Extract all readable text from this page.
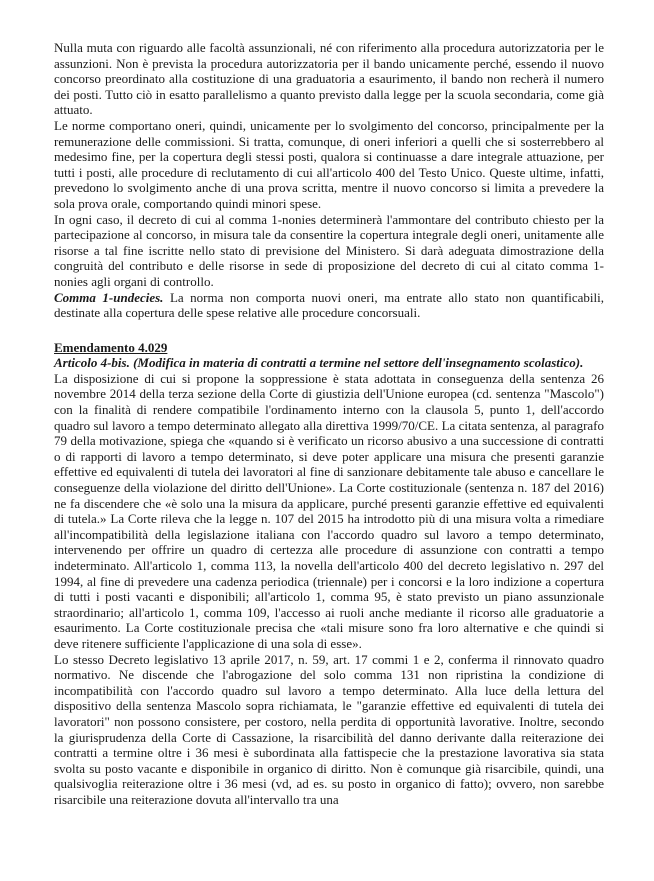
Nulla muta con riguardo alle facoltà assunzionali, né con riferimento alla procedura autorizzatoria per le assunzioni. Non è prevista la procedura autorizzatoria per il bando unicamente perché, essendo il nuovo concorso preordinato alla costituzione di una graduatoria a esaurimento, il bando non recherà il numero dei posti. Tutto ciò in esatto parallelismo a quanto previsto dalla legge per la scuola secondaria, come già attuato.

Le norme comportano oneri, quindi, unicamente per lo svolgimento del concorso, principalmente per la remunerazione delle commissioni. Si tratta, comunque, di oneri inferiori a quelli che si sosterrebbero al medesimo fine, per la copertura degli stessi posti, qualora si continuasse a dare integrale attuazione, per tutti i posti, alle procedure di reclutamento di cui all'articolo 400 del Testo Unico. Queste ultime, infatti, prevedono lo svolgimento anche di una prova scritta, mentre il nuovo concorso si limita a prevedere la sola prova orale, comportando quindi minori spese.

In ogni caso, il decreto di cui al comma 1-nonies determinerà l'ammontare del contributo chiesto per la partecipazione al concorso, in misura tale da consentire la copertura integrale degli oneri, unitamente alle risorse a tal fine iscritte nello stato di previsione del Ministero. Si darà adeguata dimostrazione della congruità del contributo e delle risorse in sede di proposizione del decreto di cui al citato comma 1-nonies agli organi di controllo.

Comma 1-undecies. La norma non comporta nuovi oneri, ma entrate allo stato non quantificabili, destinate alla copertura delle spese relative alle procedure concorsuali.

Emendamento 4.029

Articolo 4-bis. (Modifica in materia di contratti a termine nel settore dell'insegnamento scolastico).

La disposizione di cui si propone la soppressione è stata adottata in conseguenza della sentenza 26 novembre 2014 della terza sezione della Corte di giustizia dell'Unione europea (cd. sentenza "Mascolo") con la finalità di rendere compatibile l'ordinamento interno con la clausola 5, punto 1, dell'accordo quadro sul lavoro a tempo determinato allegato alla direttiva 1999/70/CE. La citata sentenza, al paragrafo 79 della motivazione, spiega che «quando si è verificato un ricorso abusivo a una successione di contratti o di rapporti di lavoro a tempo determinato, si deve poter applicare una misura che presenti garanzie effettive ed equivalenti di tutela dei lavoratori al fine di sanzionare debitamente tale abuso e cancellare le conseguenze della violazione del diritto dell'Unione». La Corte costituzionale (sentenza n. 187 del 2016) ne fa discendere che «è solo una la misura da applicare, purché presenti garanzie effettive ed equivalenti di tutela.» La Corte rileva che la legge n. 107 del 2015 ha introdotto più di una misura volta a rimediare all'incompatibilità della legislazione italiana con l'accordo quadro sul lavoro a tempo determinato, intervenendo per offrire un quadro di certezza alle procedure di assunzione con contratti a tempo indeterminato. All'articolo 1, comma 113, la novella dell'articolo 400 del decreto legislativo n. 297 del 1994, al fine di prevedere una cadenza periodica (triennale) per i concorsi e la loro indizione a copertura di tutti i posti vacanti e disponibili; all'articolo 1, comma 95, è stato previsto un piano assunzionale straordinario; all'articolo 1, comma 109, l'accesso ai ruoli anche mediante il ricorso alle graduatorie a esaurimento. La Corte costituzionale precisa che «tali misure sono fra loro alternative e che quindi si deve ritenere sufficiente l'applicazione di una sola di esse».

Lo stesso Decreto legislativo 13 aprile 2017, n. 59, art. 17 commi 1 e 2, conferma il rinnovato quadro normativo. Ne discende che l'abrogazione del solo comma 131 non ripristina la condizione di incompatibilità con l'accordo quadro sul lavoro a tempo determinato. Alla luce della lettura del dispositivo della sentenza Mascolo sopra richiamata, le "garanzie effettive ed equivalenti di tutela dei lavoratori" non possono consistere, per costoro, nella perdita di opportunità lavorative. Inoltre, secondo la giurisprudenza della Corte di Cassazione, la risarcibilità del danno derivante dalla reiterazione dei contratti a termine oltre i 36 mesi è subordinata alla fattispecie che la prestazione lavorativa sia stata svolta su posto vacante e disponibile in organico di diritto. Non è comunque già risarcibile, quindi, una qualsivoglia reiterazione oltre i 36 mesi (vd, ad es. su posto in organico di fatto); ovvero, non sarebbe risarcibile una reiterazione dovuta all'intervallo tra una
